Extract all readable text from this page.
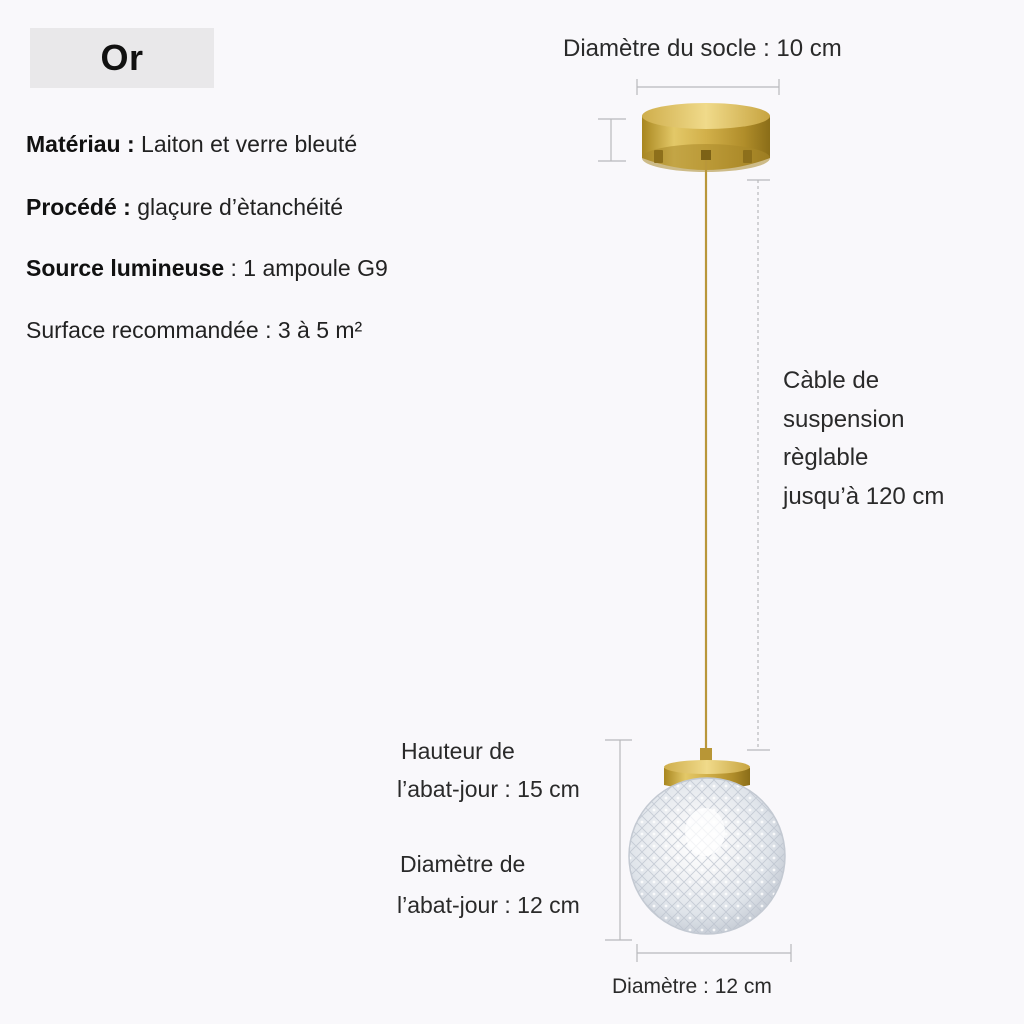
Or
Matériau : Laiton et verre bleuté
Procédé : glaçure d’ètanchéité
Source lumineuse : 1 ampoule G9
Surface recommandée : 3 à 5 m²
Diamètre du socle : 10 cm
Càble de
suspension
règlable
jusqu’à 120 cm
Hauteur de
l’abat-jour : 15 cm
Diamètre de
l’abat-jour : 12 cm
Diamètre : 12 cm
